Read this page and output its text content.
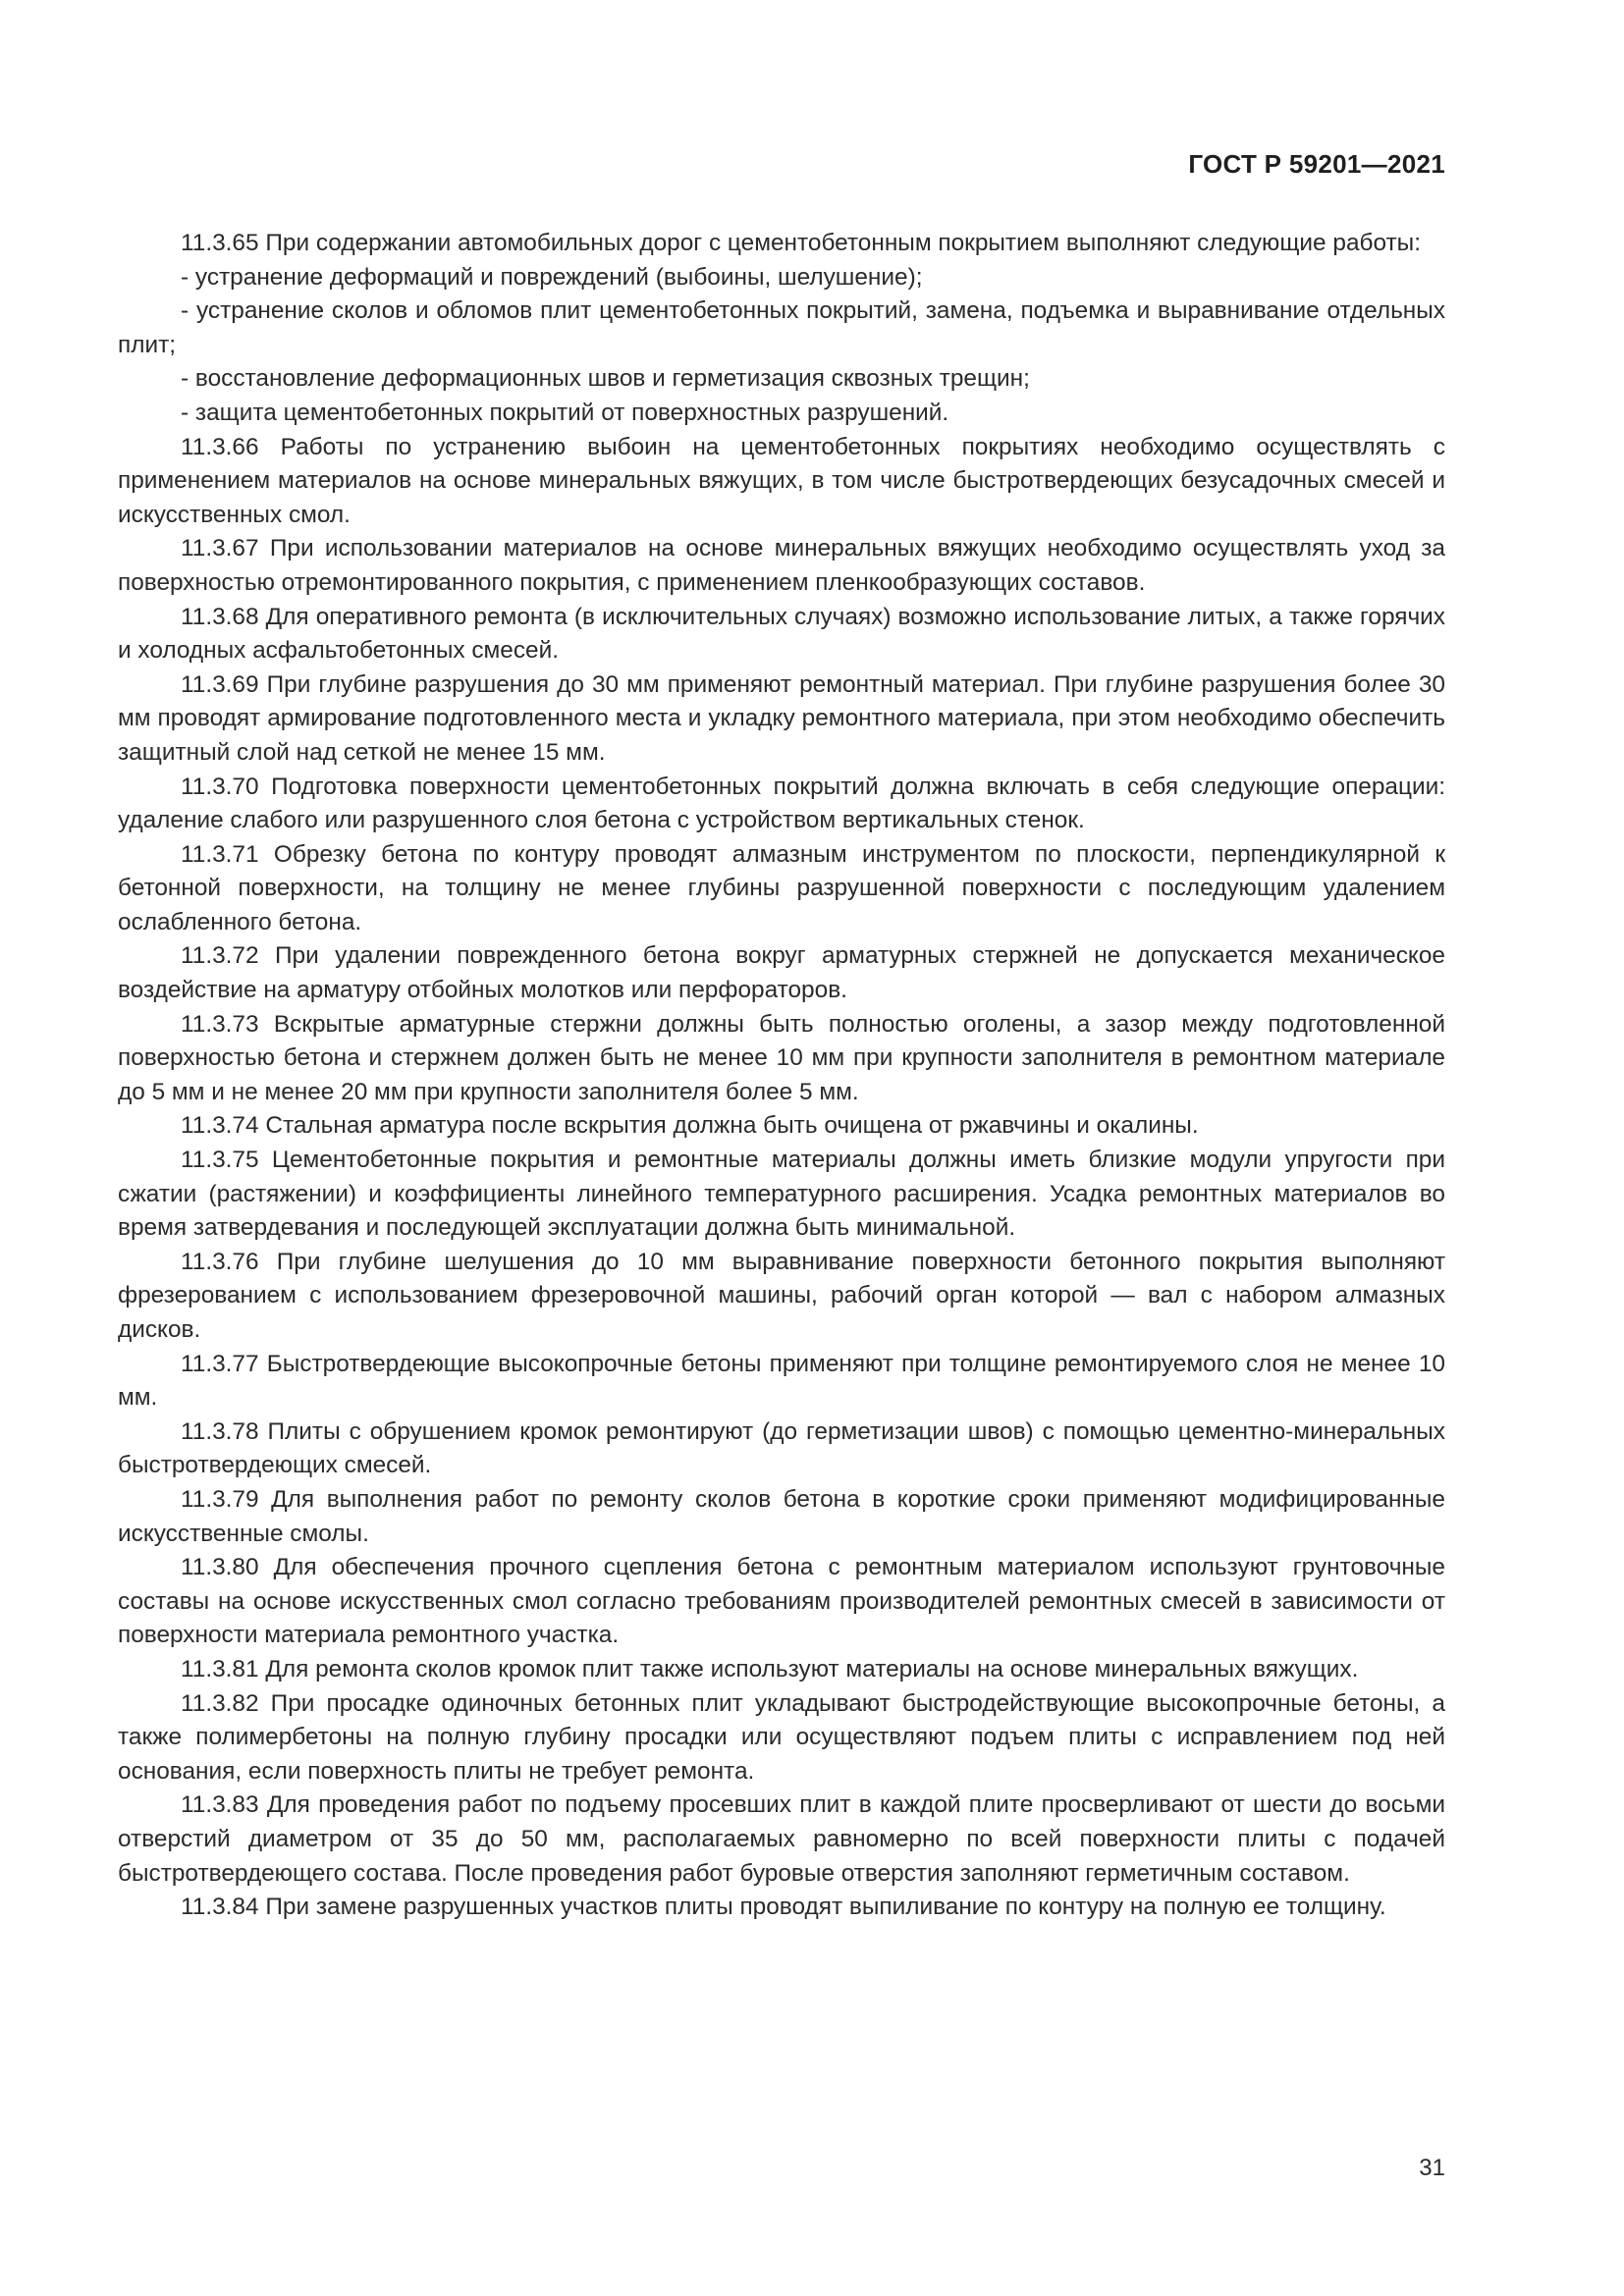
ГОСТ Р 59201—2021

11.3.65 При содержании автомобильных дорог с цементобетонным покрытием выполняют следующие работы:

- устранение деформаций и повреждений (выбоины, шелушение);

- устранение сколов и обломов плит цементобетонных покрытий, замена, подъемка и выравнивание отдельных плит;

- восстановление деформационных швов и герметизация сквозных трещин;

- защита цементобетонных покрытий от поверхностных разрушений.

11.3.66 Работы по устранению выбоин на цементобетонных покрытиях необходимо осуществлять с применением материалов на основе минеральных вяжущих, в том числе быстротвердеющих безусадочных смесей и искусственных смол.

11.3.67 При использовании материалов на основе минеральных вяжущих необходимо осуществлять уход за поверхностью отремонтированного покрытия, с применением пленкообразующих составов.

11.3.68 Для оперативного ремонта (в исключительных случаях) возможно использование литых, а также горячих и холодных асфальтобетонных смесей.

11.3.69 При глубине разрушения до 30 мм применяют ремонтный материал. При глубине разрушения более 30 мм проводят армирование подготовленного места и укладку ремонтного материала, при этом необходимо обеспечить защитный слой над сеткой не менее 15 мм.

11.3.70 Подготовка поверхности цементобетонных покрытий должна включать в себя следующие операции: удаление слабого или разрушенного слоя бетона с устройством вертикальных стенок.

11.3.71 Обрезку бетона по контуру проводят алмазным инструментом по плоскости, перпендикулярной к бетонной поверхности, на толщину не менее глубины разрушенной поверхности с последующим удалением ослабленного бетона.

11.3.72 При удалении поврежденного бетона вокруг арматурных стержней не допускается механическое воздействие на арматуру отбойных молотков или перфораторов.

11.3.73 Вскрытые арматурные стержни должны быть полностью оголены, а зазор между подготовленной поверхностью бетона и стержнем должен быть не менее 10 мм при крупности заполнителя в ремонтном материале до 5 мм и не менее 20 мм при крупности заполнителя более 5 мм.

11.3.74 Стальная арматура после вскрытия должна быть очищена от ржавчины и окалины.

11.3.75 Цементобетонные покрытия и ремонтные материалы должны иметь близкие модули упругости при сжатии (растяжении) и коэффициенты линейного температурного расширения. Усадка ремонтных материалов во время затвердевания и последующей эксплуатации должна быть минимальной.

11.3.76 При глубине шелушения до 10 мм выравнивание поверхности бетонного покрытия выполняют фрезерованием с использованием фрезеровочной машины, рабочий орган которой — вал с набором алмазных дисков.

11.3.77 Быстротвердеющие высокопрочные бетоны применяют при толщине ремонтируемого слоя не менее 10 мм.

11.3.78 Плиты с обрушением кромок ремонтируют (до герметизации швов) с помощью цементно-минеральных быстротвердеющих смесей.

11.3.79 Для выполнения работ по ремонту сколов бетона в короткие сроки применяют модифицированные искусственные смолы.

11.3.80 Для обеспечения прочного сцепления бетона с ремонтным материалом используют грунтовочные составы на основе искусственных смол согласно требованиям производителей ремонтных смесей в зависимости от поверхности материала ремонтного участка.

11.3.81 Для ремонта сколов кромок плит также используют материалы на основе минеральных вяжущих.

11.3.82 При просадке одиночных бетонных плит укладывают быстродействующие высокопрочные бетоны, а также полимербетоны на полную глубину просадки или осуществляют подъем плиты с исправлением под ней основания, если поверхность плиты не требует ремонта.

11.3.83 Для проведения работ по подъему просевших плит в каждой плите просверливают от шести до восьми отверстий диаметром от 35 до 50 мм, располагаемых равномерно по всей поверхности плиты с подачей быстротвердеющего состава. После проведения работ буровые отверстия заполняют герметичным составом.

11.3.84 При замене разрушенных участков плиты проводят выпиливание по контуру на полную ее толщину.

31
